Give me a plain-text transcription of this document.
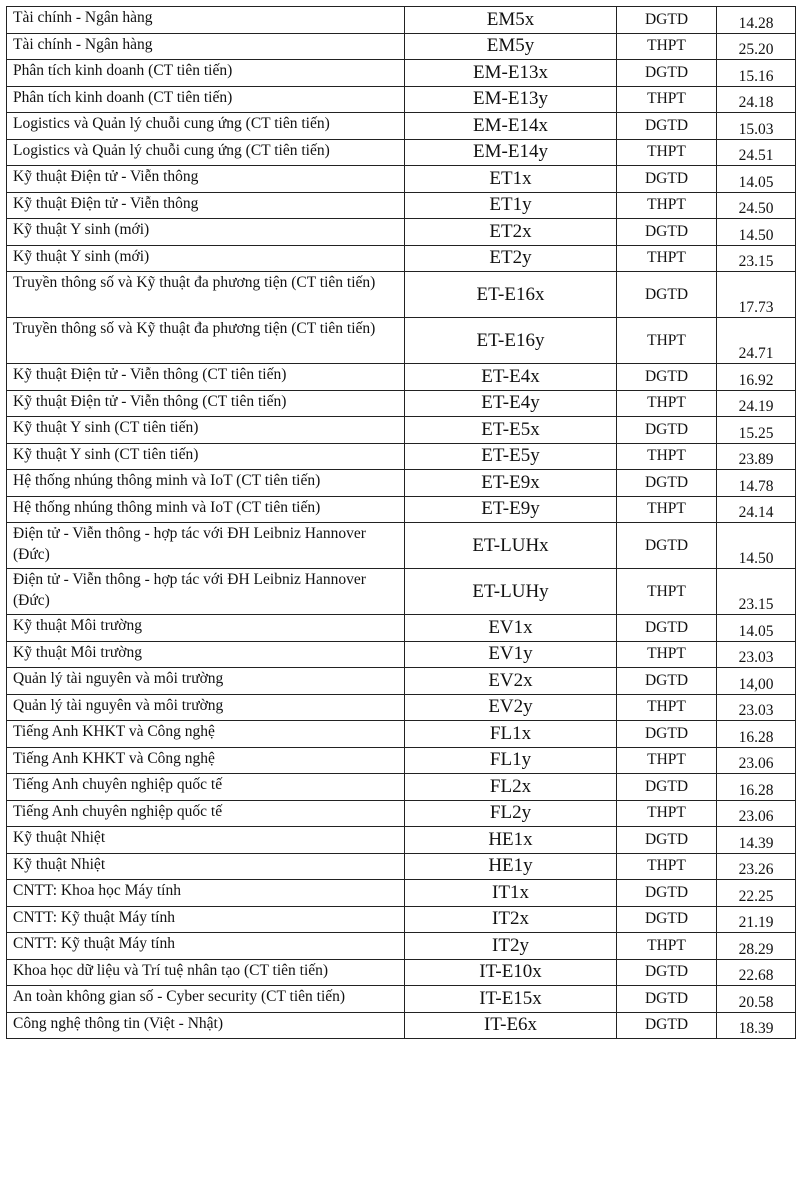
Tài chính - Ngân hàng	EM5x	DGTD	14.28
Tài chính - Ngân hàng	EM5y	THPT	25.20
Phân tích kinh doanh (CT tiên tiến)	EM-E13x	DGTD	15.16
Phân tích kinh doanh (CT tiên tiến)	EM-E13y	THPT	24.18
Logistics và Quản lý chuỗi cung ứng (CT tiên tiến)	EM-E14x	DGTD	15.03
Logistics và Quản lý chuỗi cung ứng (CT tiên tiến)	EM-E14y	THPT	24.51
Kỹ thuật Điện tử - Viễn thông	ET1x	DGTD	14.05
Kỹ thuật Điện tử - Viễn thông	ET1y	THPT	24.50
Kỹ thuật Y sinh (mới)	ET2x	DGTD	14.50
Kỹ thuật Y sinh (mới)	ET2y	THPT	23.15
Truyền thông số và Kỹ thuật đa phương tiện (CT tiên tiến)	ET-E16x	DGTD	17.73
Truyền thông số và Kỹ thuật đa phương tiện (CT tiên tiến)	ET-E16y	THPT	24.71
Kỹ thuật Điện tử - Viễn thông (CT tiên tiến)	ET-E4x	DGTD	16.92
Kỹ thuật Điện tử - Viễn thông (CT tiên tiến)	ET-E4y	THPT	24.19
Kỹ thuật Y sinh (CT tiên tiến)	ET-E5x	DGTD	15.25
Kỹ thuật Y sinh (CT tiên tiến)	ET-E5y	THPT	23.89
Hệ thống nhúng thông minh và IoT (CT tiên tiến)	ET-E9x	DGTD	14.78
Hệ thống nhúng thông minh và IoT (CT tiên tiến)	ET-E9y	THPT	24.14
Điện tử - Viễn thông - hợp tác với ĐH Leibniz Hannover (Đức)	ET-LUHx	DGTD	14.50
Điện tử - Viễn thông - hợp tác với ĐH Leibniz Hannover (Đức)	ET-LUHy	THPT	23.15
Kỹ thuật Môi trường	EV1x	DGTD	14.05
Kỹ thuật Môi trường	EV1y	THPT	23.03
Quản lý tài nguyên và môi trường	EV2x	DGTD	14,00
Quản lý tài nguyên và môi trường	EV2y	THPT	23.03
Tiếng Anh KHKT và Công nghệ	FL1x	DGTD	16.28
Tiếng Anh KHKT và Công nghệ	FL1y	THPT	23.06
Tiếng Anh chuyên nghiệp quốc tế	FL2x	DGTD	16.28
Tiếng Anh chuyên nghiệp quốc tế	FL2y	THPT	23.06
Kỹ thuật Nhiệt	HE1x	DGTD	14.39
Kỹ thuật Nhiệt	HE1y	THPT	23.26
CNTT: Khoa học Máy tính	IT1x	DGTD	22.25
CNTT: Kỹ thuật Máy tính	IT2x	DGTD	21.19
CNTT: Kỹ thuật Máy tính	IT2y	THPT	28.29
Khoa học dữ liệu và Trí tuệ nhân tạo (CT tiên tiến)	IT-E10x	DGTD	22.68
An toàn không gian số - Cyber security (CT tiên tiến)	IT-E15x	DGTD	20.58
Công nghệ thông tin (Việt - Nhật)	IT-E6x	DGTD	18.39
